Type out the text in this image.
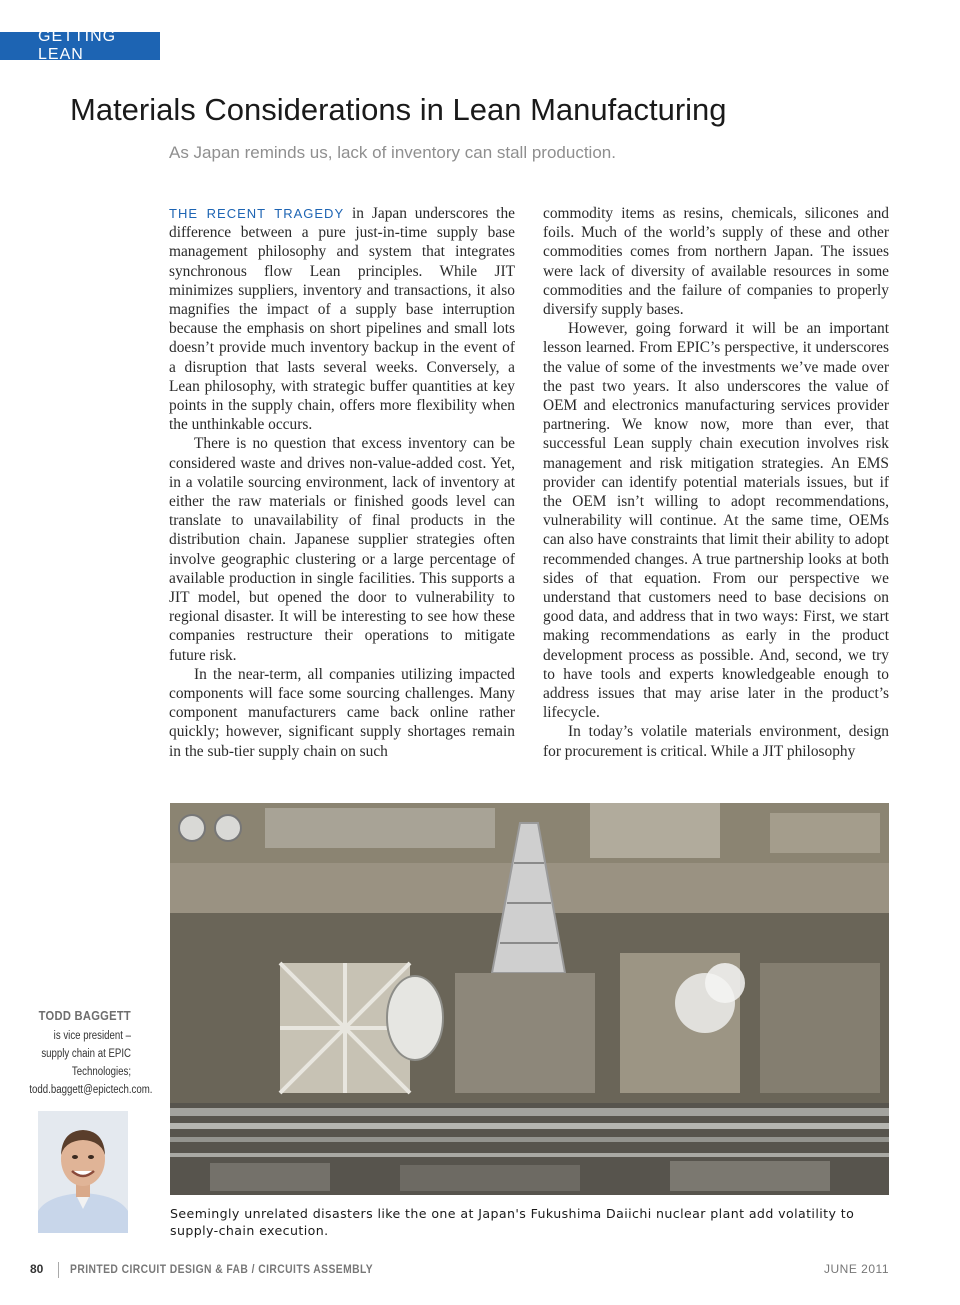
GETTING LEAN
Materials Considerations in Lean Manufacturing
As Japan reminds us, lack of inventory can stall production.

THE RECENT TRAGEDY in Japan underscores the difference between a pure just-in-time supply base management philosophy and system that integrates synchronous flow Lean principles. While JIT minimizes suppliers, inventory and transactions, it also magnifies the impact of a supply base interruption because the emphasis on short pipelines and small lots doesn’t provide much inventory backup in the event of a disruption that lasts several weeks. Conversely, a Lean philosophy, with strategic buffer quantities at key points in the supply chain, offers more flexibility when the unthinkable occurs.

There is no question that excess inventory can be considered waste and drives non-value-added cost. Yet, in a volatile sourcing environment, lack of inventory at either the raw materials or finished goods level can translate to unavailability of final products in the distribution chain. Japanese supplier strategies often involve geographic clustering or a large percentage of available production in single facilities. This supports a JIT model, but opened the door to vulnerability to regional disaster. It will be interesting to see how these companies restructure their operations to mitigate future risk.

In the near-term, all companies utilizing impacted components will face some sourcing challenges. Many component manufacturers came back online rather quickly; however, significant supply shortages remain in the sub-tier supply chain on such

commodity items as resins, chemicals, silicones and foils. Much of the world’s supply of these and other commodities comes from northern Japan. The issues were lack of diversity of available resources in some commodities and the failure of companies to properly diversify supply bases.

However, going forward it will be an important lesson learned. From EPIC’s perspective, it underscores the value of some of the investments we’ve made over the past two years. It also underscores the value of OEM and electronics manufacturing services provider partnering. We know now, more than ever, that successful Lean supply chain execution involves risk management and risk mitigation strategies. An EMS provider can identify potential materials issues, but if the OEM isn’t willing to adopt recommendations, vulnerability will continue. At the same time, OEMs can also have constraints that limit their ability to adopt recommended changes. A true partnership looks at both sides of that equation. From our perspective we understand that customers need to base decisions on good data, and address that in two ways: First, we start making recommendations as early in the product development process as possible. And, second, we try to have tools and experts knowledgeable enough to address issues that may arise later in the product’s lifecycle.

In today’s volatile materials environment, design for procurement is critical. While a JIT philosophy

Seemingly unrelated disasters like the one at Japan's Fukushima Daiichi nuclear plant add volatility to supply-chain execution.

TODD BAGGETT
is vice president – supply chain at EPIC Technologies; todd.baggett@epictech.com.
80 PRINTED CIRCUIT DESIGN & FAB / CIRCUITS ASSEMBLY	JUNE 2011
